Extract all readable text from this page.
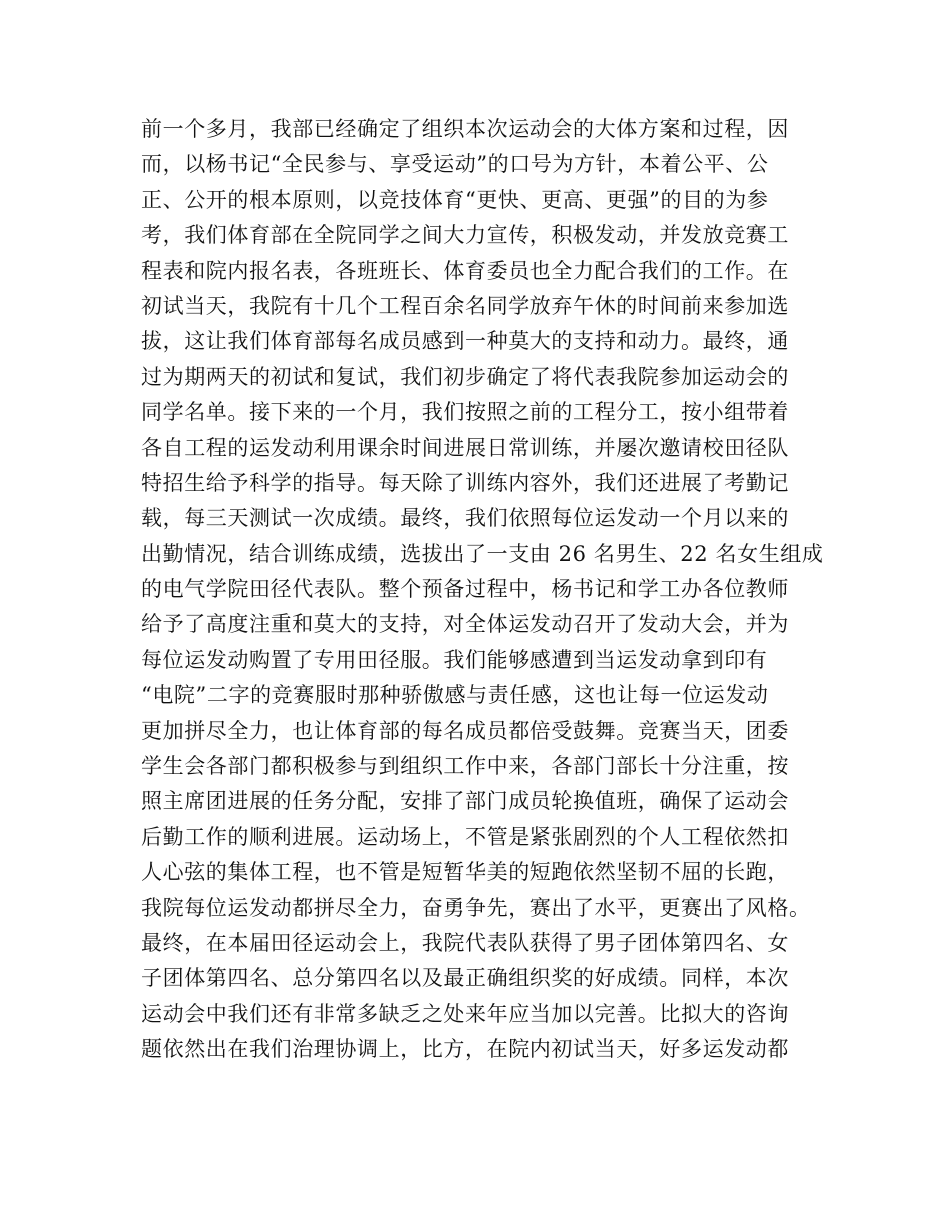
前一个多月，我部已经确定了组织本次运动会的大体方案和过程，因
而，以杨书记“全民参与、享受运动”的口号为方针，本着公平、公
正、公开的根本原则，以竞技体育“更快、更高、更强”的目的为参
考，我们体育部在全院同学之间大力宣传，积极发动，并发放竞赛工
程表和院内报名表，各班班长、体育委员也全力配合我们的工作。在
初试当天，我院有十几个工程百余名同学放弃午休的时间前来参加选
拔，这让我们体育部每名成员感到一种莫大的支持和动力。最终，通
过为期两天的初试和复试，我们初步确定了将代表我院参加运动会的
同学名单。接下来的一个月，我们按照之前的工程分工，按小组带着
各自工程的运发动利用课余时间进展日常训练，并屡次邀请校田径队
特招生给予科学的指导。每天除了训练内容外，我们还进展了考勤记
载，每三天测试一次成绩。最终，我们依照每位运发动一个月以来的
出勤情况，结合训练成绩，选拔出了一支由 26 名男生、22 名女生组成
的电气学院田径代表队。整个预备过程中，杨书记和学工办各位教师
给予了高度注重和莫大的支持，对全体运发动召开了发动大会，并为
每位运发动购置了专用田径服。我们能够感遭到当运发动拿到印有
“电院”二字的竞赛服时那种骄傲感与责任感，这也让每一位运发动
更加拼尽全力，也让体育部的每名成员都倍受鼓舞。竞赛当天，团委
学生会各部门都积极参与到组织工作中来，各部门部长十分注重，按
照主席团进展的任务分配，安排了部门成员轮换值班，确保了运动会
后勤工作的顺利进展。运动场上，不管是紧张剧烈的个人工程依然扣
人心弦的集体工程，也不管是短暂华美的短跑依然坚韧不屈的长跑，
我院每位运发动都拼尽全力，奋勇争先，赛出了水平，更赛出了风格。
最终，在本届田径运动会上，我院代表队获得了男子团体第四名、女
子团体第四名、总分第四名以及最正确组织奖的好成绩。同样，本次
运动会中我们还有非常多缺乏之处来年应当加以完善。比拟大的咨询
题依然出在我们治理协调上，比方，在院内初试当天，好多运发动都
